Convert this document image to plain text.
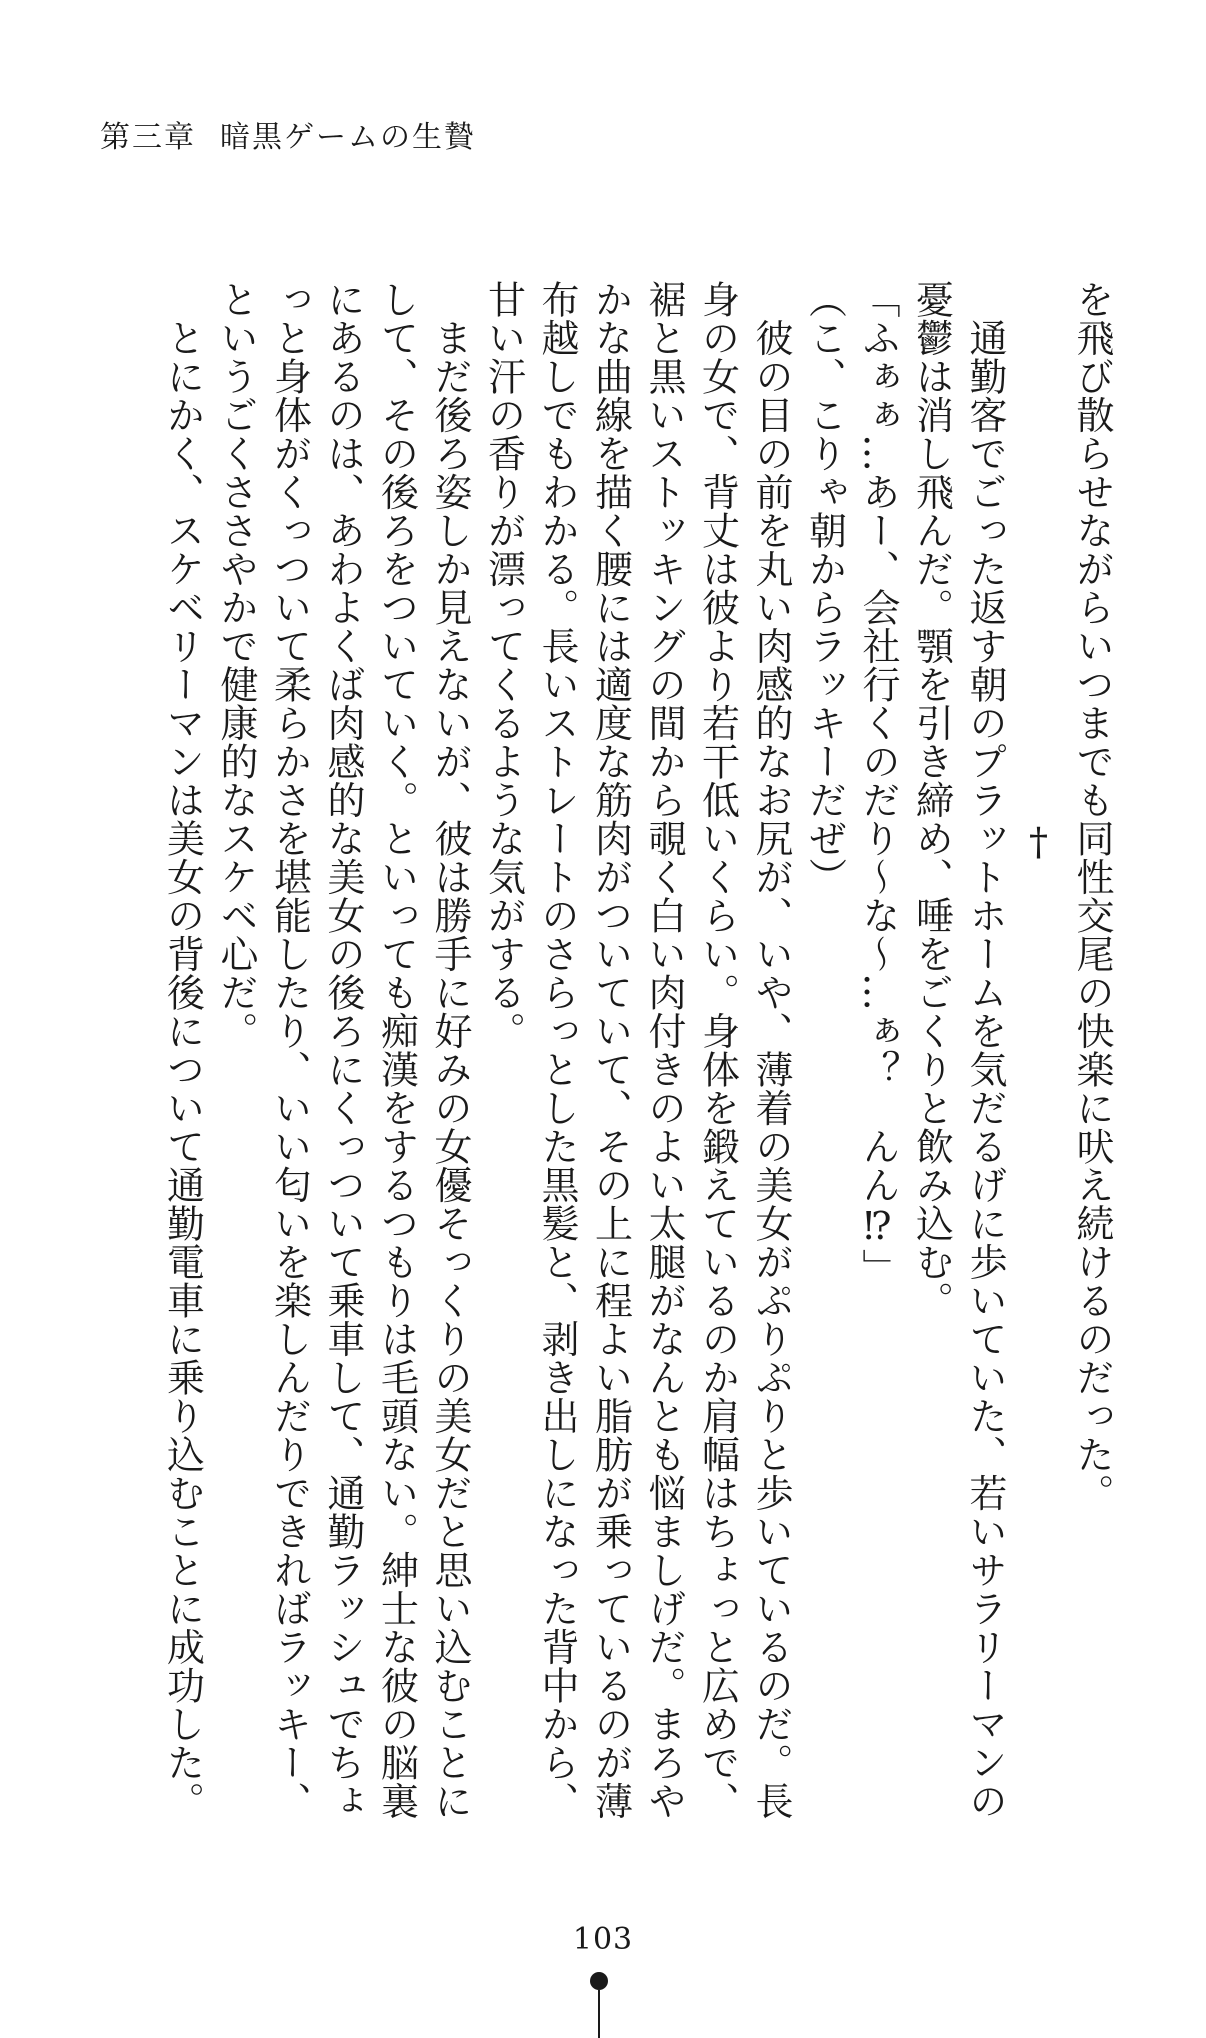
第三章 暗黒ゲームの生贄
を飛び散らせながらいつまでも同性交尾の快楽に吠え続けるのだった。
†
　通勤客でごった返す朝のプラットホームを気だるげに歩いていた、若いサラリーマンの
憂鬱は消し飛んだ。顎を引き締め、唾をごくりと飲み込む。
「ふぁぁ…あー、会社行くのだり～な～…ぁ？　んん⁉」
（こ、こりゃ朝からラッキーだぜ）
　彼の目の前を丸い肉感的なお尻が、いや、薄着の美女がぷりぷりと歩いているのだ。長
身の女で、背丈は彼より若干低いくらい。身体を鍛えているのか肩幅はちょっと広めで、
裾と黒いストッキングの間から覗く白い肉付きのよい太腿がなんとも悩ましげだ。まろや
かな曲線を描く腰には適度な筋肉がついていて、その上に程よい脂肪が乗っているのが薄
布越しでもわかる。長いストレートのさらっとした黒髪と、剥き出しになった背中から、
甘い汗の香りが漂ってくるような気がする。
　まだ後ろ姿しか見えないが、彼は勝手に好みの女優そっくりの美女だと思い込むことに
して、その後ろをついていく。といっても痴漢をするつもりは毛頭ない。紳士な彼の脳裏
にあるのは、あわよくば肉感的な美女の後ろにくっついて乗車して、通勤ラッシュでちょ
っと身体がくっついて柔らかさを堪能したり、いい匂いを楽しんだりできればラッキー、
というごくささやかで健康的なスケベ心だ。
　とにかく、スケベリーマンは美女の背後について通勤電車に乗り込むことに成功した。
103
